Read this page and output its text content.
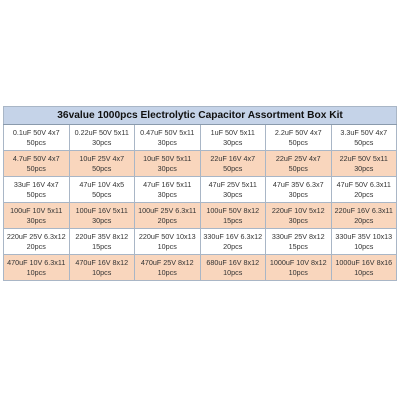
36value 1000pcs Electrolytic Capacitor Assortment Box Kit					

0.1uF 50V 4x7
50pcs	0.22uF 50V 5x11
30pcs	0.47uF 50V 5x11
30pcs	1uF 50V 5x11
30pcs	2.2uF 50V 4x7
50pcs	3.3uF 50V 4x7
50pcs

4.7uF 50V 4x7
50pcs	10uF 25V 4x7
50pcs	10uF 50V 5x11
30pcs	22uF 16V 4x7
50pcs	22uF 25V 4x7
50pcs	22uF 50V 5x11
30pcs

33uF 16V 4x7
50pcs	47uF 10V 4x5
50pcs	47uF 16V 5x11
30pcs	47uF 25V 5x11
30pcs	47uF 35V 6.3x7
30pcs	47uF 50V 6.3x11
20pcs

100uF 10V 5x11
30pcs	100uF 16V 5x11
30pcs	100uF 25V 6.3x11
20pcs	100uF 50V 8x12
15pcs	220uF 10V 5x12
30pcs	220uF 16V 6.3x11
20pcs

220uF 25V 6.3x12
20pcs	220uF 35V 8x12
15pcs	220uF 50V 10x13
10pcs	330uF 16V 6.3x12
20pcs	330uF 25V 8x12
15pcs	330uF 35V 10x13
10pcs

470uF 10V 6.3x11
10pcs	470uF 16V 8x12
10pcs	470uF 25V 8x12
10pcs	680uF 16V 8x12
10pcs	1000uF 10V 8x12
10pcs	1000uF 16V 8x16
10pcs
